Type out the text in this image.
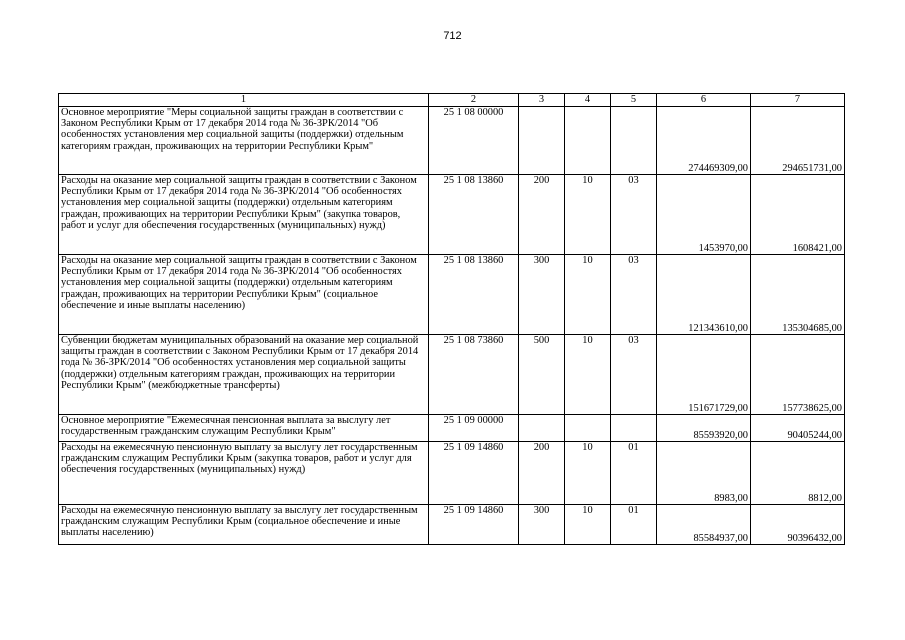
712
1	2	3	4	5	6	7
Основное мероприятие "Меры социальной защиты граждан в соответствии с Законом Республики Крым от 17 декабря 2014 года № 36-ЗРК/2014 "Об особенностях установления мер социальной защиты (поддержки) отдельным категориям граждан, проживающих на территории Республики Крым"	25 1 08 00000				274469309,00	294651731,00
Расходы на оказание мер социальной защиты граждан в соответствии с Законом Республики Крым от 17 декабря 2014 года № 36-ЗРК/2014 "Об особенностях установления мер социальной защиты (поддержки) отдельным категориям граждан, проживающих на территории Республики Крым" (закупка товаров, работ и услуг для обеспечения государственных (муниципальных) нужд)	25 1 08 13860	200	10	03	1453970,00	1608421,00
Расходы на оказание мер социальной защиты граждан в соответствии с Законом Республики Крым от 17 декабря 2014 года № 36-ЗРК/2014 "Об особенностях установления мер социальной защиты (поддержки) отдельным категориям граждан, проживающих на территории Республики Крым" (социальное обеспечение и иные выплаты населению)	25 1 08 13860	300	10	03	121343610,00	135304685,00
Субвенции бюджетам муниципальных образований на оказание мер социальной защиты граждан в соответствии с Законом Республики Крым от 17 декабря 2014 года № 36-ЗРК/2014 "Об особенностях установления мер социальной защиты (поддержки) отдельным категориям граждан, проживающих на территории Республики Крым" (межбюджетные трансферты)	25 1 08 73860	500	10	03	151671729,00	157738625,00
Основное мероприятие "Ежемесячная пенсионная выплата за выслугу лет государственным гражданским служащим Республики Крым"	25 1 09 00000				85593920,00	90405244,00
Расходы на ежемесячную пенсионную выплату за выслугу лет государственным гражданским служащим Республики Крым (закупка товаров, работ и услуг для обеспечения государственных (муниципальных) нужд)	25 1 09 14860	200	10	01	8983,00	8812,00
Расходы на ежемесячную пенсионную выплату за выслугу лет государственным гражданским служащим Республики Крым (социальное обеспечение и иные выплаты населению)	25 1 09 14860	300	10	01	85584937,00	90396432,00
